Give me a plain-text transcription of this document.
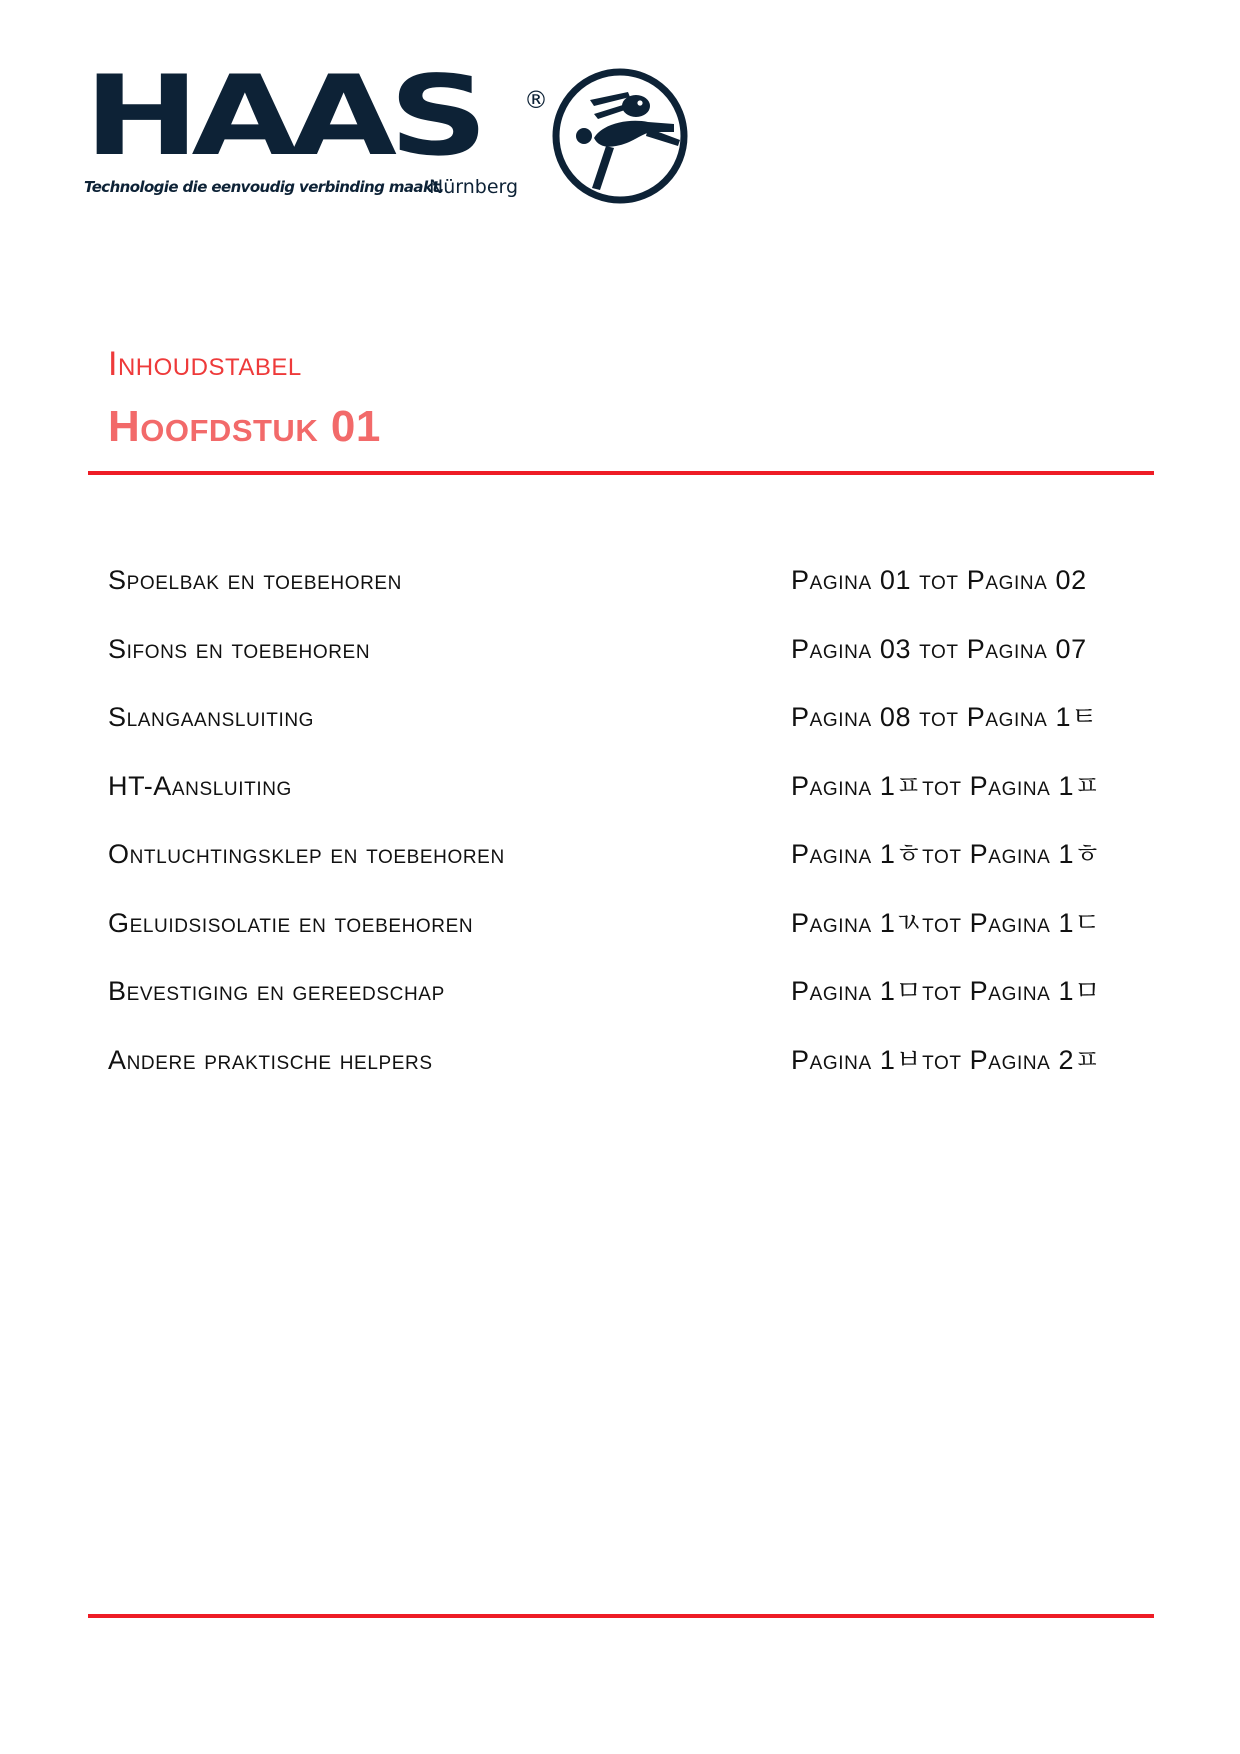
HAAS ®
Technologie die eenvoudig verbinding maakt.
Nürnberg
Inhoudstabel
Hoofdstuk 01
Spoelbak en toebehoren	Pagina 01 tot Pagina 02
Sifons en toebehoren	Pagina 03 tot Pagina 07
Slangaansluiting	Pagina 08 tot Pagina 1ㅌ
HT-Aansluiting	Pagina 1ㅍtot Pagina 1ㅍ
Ontluchtingsklep en toebehoren	Pagina 1ㅎtot Pagina 1ㅎ
Geluidsisolatie en toebehoren	Pagina 1ㄳtot Pagina 1ㄷ
Bevestiging en gereedschap	Pagina 1ㅁtot Pagina 1ㅁ
Andere praktische helpers	Pagina 1ㅂtot Pagina 2ㅍ
